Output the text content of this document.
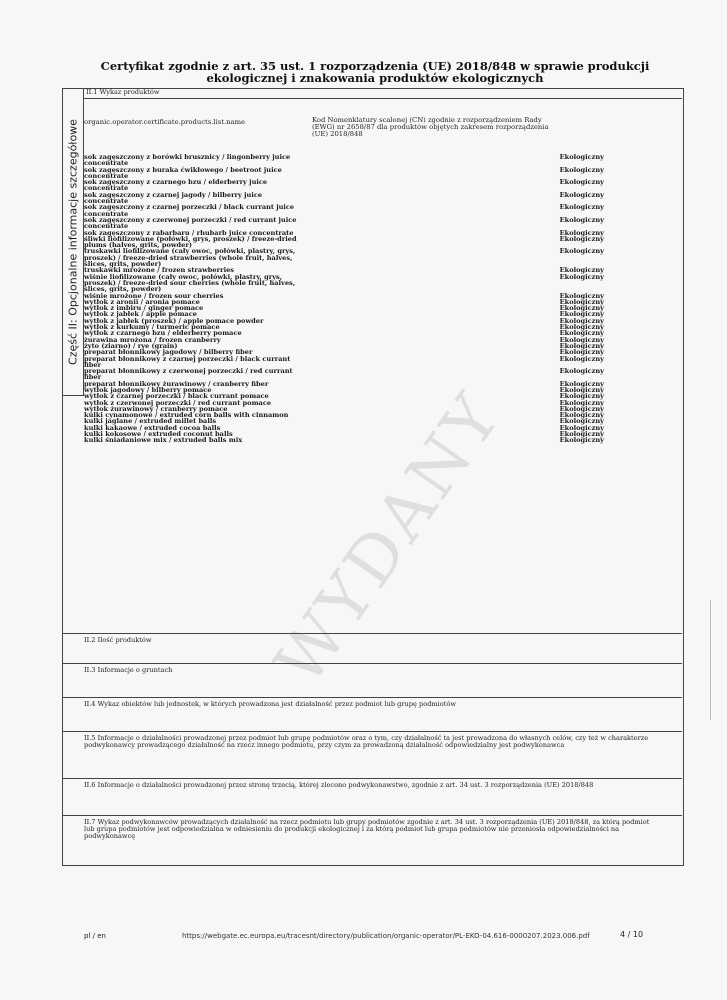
Certyfikat zgodnie z art. 35 ust. 1 rozporządzenia (UE) 2018/848 w sprawie produkcji ekologicznej i znakowania produktów ekologicznych
Część II: Opcjonalne informacje szczegółowe
II.1 Wykaz produktów
organic.operator.certificate.products.list.name	Kod Nomenklatury scalonej (CN) zgodnie z rozporządzeniem Rady (EWG) nr 2658/87 dla produktów objętych zakresem rozporządzenia (UE) 2018/848
sok zagęszczony z borówki brusznicy / lingonberry juice concentrate
Ekologiczny
sok zagęszczony z buraka ćwikłowego / beetroot juice concentrate
Ekologiczny
sok zagęszczony z czarnego bzu / elderberry juice concentrate
Ekologiczny
sok zagęszczony z czarnej jagody / bilberry juice concentrate
Ekologiczny
sok zagęszczony z czarnej porzeczki / black currant juice concentrate
Ekologiczny
sok zagęszczony z czerwonej porzeczki / red currant juice concentrate
Ekologiczny
sok zagęszczony z rabarbaru / rhubarb juice concentrate	Ekologiczny
śliwki liofilizowane (połówki, grys, proszek) / freeze-dried plums (halves, grits, powder)
Ekologiczny
truskawki liofilizowane (cały owoc, połówki, plastry, grys, proszek) / freeze-dried strawberries (whole fruit, halves, slices, grits, powder)
Ekologiczny
truskawki mrożone / frozen strawberries	Ekologiczny
wiśnie liofilizowane (cały owoc, połówki, plastry, grys, proszek) / freeze-dried sour cherries (whole fruit, halves, slices, grits, powder)
Ekologiczny
wiśnie mrożone / frozen sour cherries	Ekologiczny
wytłok z aronii / aronia pomace	Ekologiczny
wytłok z imbiru / ginger pomace	Ekologiczny
wytłok z jabłek / apple pomace	Ekologiczny
wytłok z jabłek (proszek) / apple pomace powder	Ekologiczny
wytłok z kurkumy / turmeric pomace	Ekologiczny
wytłok z czarnego bzu / elderberry pomace	Ekologiczny
żurawina mrożona / frozen cranberry	Ekologiczny
żyto (ziarno) / rye (grain)	Ekologiczny
preparat błonnikowy jagodowy / bilberry fiber	Ekologiczny
preparat błonnikowy z czarnej porzeczki / black currant fiber
Ekologiczny
preparat błonnikowy z czerwonej porzeczki / red currant fiber
Ekologiczny
preparat błonnikowy żurawinowy / cranberry fiber	Ekologiczny
wytłok jagodowy / bilberry pomace	Ekologiczny
wytłok z czarnej porzeczki / black currant pomace	Ekologiczny
wytłok z czerwonej porzeczki / red currant pomace	Ekologiczny
wytłok żurawinowy / cranberry pomace	Ekologiczny
kulki cynamonowe / extruded corn balls with cinnamon	Ekologiczny
kulki jaglane / extruded millet balls	Ekologiczny
kulki kakaowe / extruded cocoa balls	Ekologiczny
kulki kokosowe / extruded coconut balls	Ekologiczny
kulki śniadaniowe mix / extruded balls mix	Ekologiczny
WYDANY
II.2 Ilość produktów
II.3 Informacje o gruntach
II.4 Wykaz obiektów lub jednostek, w których prowadzona jest działalność przez podmiot lub grupę podmiotów
II.5 Informacje o działalności prowadzonej przez podmiot lub grupę podmiotów oraz o tym, czy działalność ta jest prowadzona do własnych celów, czy też w charakterze podwykonawcy prowadzącego działalność na rzecz innego podmiotu, przy czym za prowadzoną działalność odpowiedzialny jest podwykonawca
II.6 Informacje o działalności prowadzonej przez stronę trzecią, której zlecono podwykonawstwo, zgodnie z art. 34 ust. 3 rozporządzenia (UE) 2018/848
II.7 Wykaz podwykonawców prowadzących działalność na rzecz podmiotu lub grupy podmiotów zgodnie z art. 34 ust. 3 rozporządzenia (UE) 2018/848, za którą podmiot lub grupa podmiotów jest odpowiedzialna w odniesieniu do produkcji ekologicznej i za którą podmiot lub grupa podmiotów nie przeniosła odpowiedzialności na podwykonawcę
pl / en	https://webgate.ec.europa.eu/tracesnt/directory/publication/organic-operator/PL-EKO-04.616-0000207.2023.006.pdf	4 / 10
